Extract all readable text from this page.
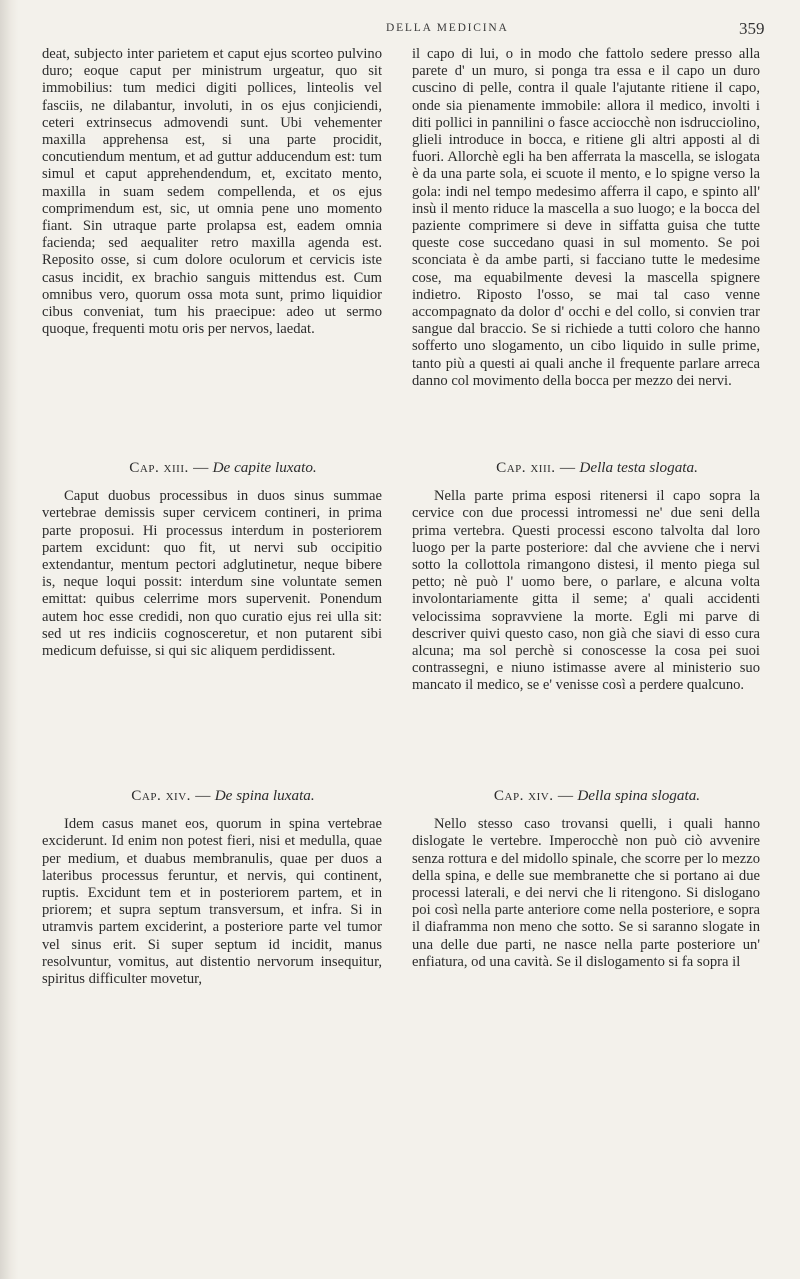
DELLA MEDICINA	359

deat, subjecto inter parietem et caput ejus scorteo pulvino duro; eoque caput per ministrum urgeatur, quo sit immobilius: tum medici digiti pollices, linteolis vel fasciis, ne dilabantur, involuti, in os ejus conjiciendi, ceteri extrinsecus admovendi sunt. Ubi vehementer maxilla apprehensa est, si una parte procidit, concutiendum mentum, et ad guttur adducendum est: tum simul et caput apprehendendum, et, excitato mento, maxilla in suam sedem compellenda, et os ejus comprimendum est, sic, ut omnia pene uno momento fiant. Sin utraque parte prolapsa est, eadem omnia facienda; sed aequaliter retro maxilla agenda est. Reposito osse, si cum dolore oculorum et cervicis iste casus incidit, ex brachio sanguis mittendus est. Cum omnibus vero, quorum ossa mota sunt, primo liquidior cibus conveniat, tum his praecipue: adeo ut sermo quoque, frequenti motu oris per nervos, laedat.

Cap. xiii. — De capite luxato.

Caput duobus processibus in duos sinus summae vertebrae demissis super cervicem contineri, in prima parte proposui. Hi processus interdum in posteriorem partem excidunt: quo fit, ut nervi sub occipitio extendantur, mentum pectori adglutinetur, neque bibere is, neque loqui possit: interdum sine voluntate semen emittat: quibus celerrime mors supervenit. Ponendum autem hoc esse credidi, non quo curatio ejus rei ulla sit: sed ut res indiciis cognosceretur, et non putarent sibi medicum defuisse, si qui sic aliquem perdidissent.

Cap. xiv. — De spina luxata.

Idem casus manet eos, quorum in spina vertebrae exciderunt. Id enim non potest fieri, nisi et medulla, quae per medium, et duabus membranulis, quae per duos a lateribus processus feruntur, et nervis, qui continent, ruptis. Excidunt tem et in posteriorem partem, et in priorem; et supra septum transversum, et infra. Si in utramvis partem exciderint, a posteriore parte vel tumor vel sinus erit. Si super septum id incidit, manus resolvuntur, vomitus, aut distentio nervorum insequitur, spiritus difficulter movetur,

il capo di lui, o in modo che fattolo sedere presso alla parete d' un muro, si ponga tra essa e il capo un duro cuscino di pelle, contra il quale l'ajutante ritiene il capo, onde sia pienamente immobile: allora il medico, involti i diti pollici in pannilini o fasce acciocchè non isdrucciolino, glieli introduce in bocca, e ritiene gli altri apposti al di fuori. Allorchè egli ha ben afferrata la mascella, se islogata è da una parte sola, ei scuote il mento, e lo spigne verso la gola: indi nel tempo medesimo afferra il capo, e spinto all' insù il mento riduce la mascella a suo luogo; e la bocca del paziente comprimere si deve in siffatta guisa che tutte queste cose succedano quasi in sul momento. Se poi sconciata è da ambe parti, si facciano tutte le medesime cose, ma equabilmente devesi la mascella spignere indietro. Riposto l'osso, se mai tal caso venne accompagnato da dolor d' occhi e del collo, si convien trar sangue dal braccio. Se si richiede a tutti coloro che hanno sofferto uno slogamento, un cibo liquido in sulle prime, tanto più a questi ai quali anche il frequente parlare arreca danno col movimento della bocca per mezzo dei nervi.

Cap. xiii. — Della testa slogata.

Nella parte prima esposi ritenersi il capo sopra la cervice con due processi intromessi ne' due seni della prima vertebra. Questi processi escono talvolta dal loro luogo per la parte posteriore: dal che avviene che i nervi sotto la collottola rimangono distesi, il mento piega sul petto; nè può l' uomo bere, o parlare, e alcuna volta involontariamente gitta il seme; a' quali accidenti velocissima sopravviene la morte. Egli mi parve di descriver quivi questo caso, non già che siavi di esso cura alcuna; ma sol perchè si conoscesse la cosa pei suoi contrassegni, e niuno istimasse avere al ministerio suo mancato il medico, se e' venisse così a perdere qualcuno.

Cap. xiv. — Della spina slogata.

Nello stesso caso trovansi quelli, i quali hanno dislogate le vertebre. Imperocchè non può ciò avvenire senza rottura e del midollo spinale, che scorre per lo mezzo della spina, e delle sue membranette che si portano ai due processi laterali, e dei nervi che li ritengono. Si dislogano poi così nella parte anteriore come nella posteriore, e sopra il diaframma non meno che sotto. Se si saranno slogate in una delle due parti, ne nasce nella parte posteriore un' enfiatura, od una cavità. Se il dislogamento si fa sopra il
